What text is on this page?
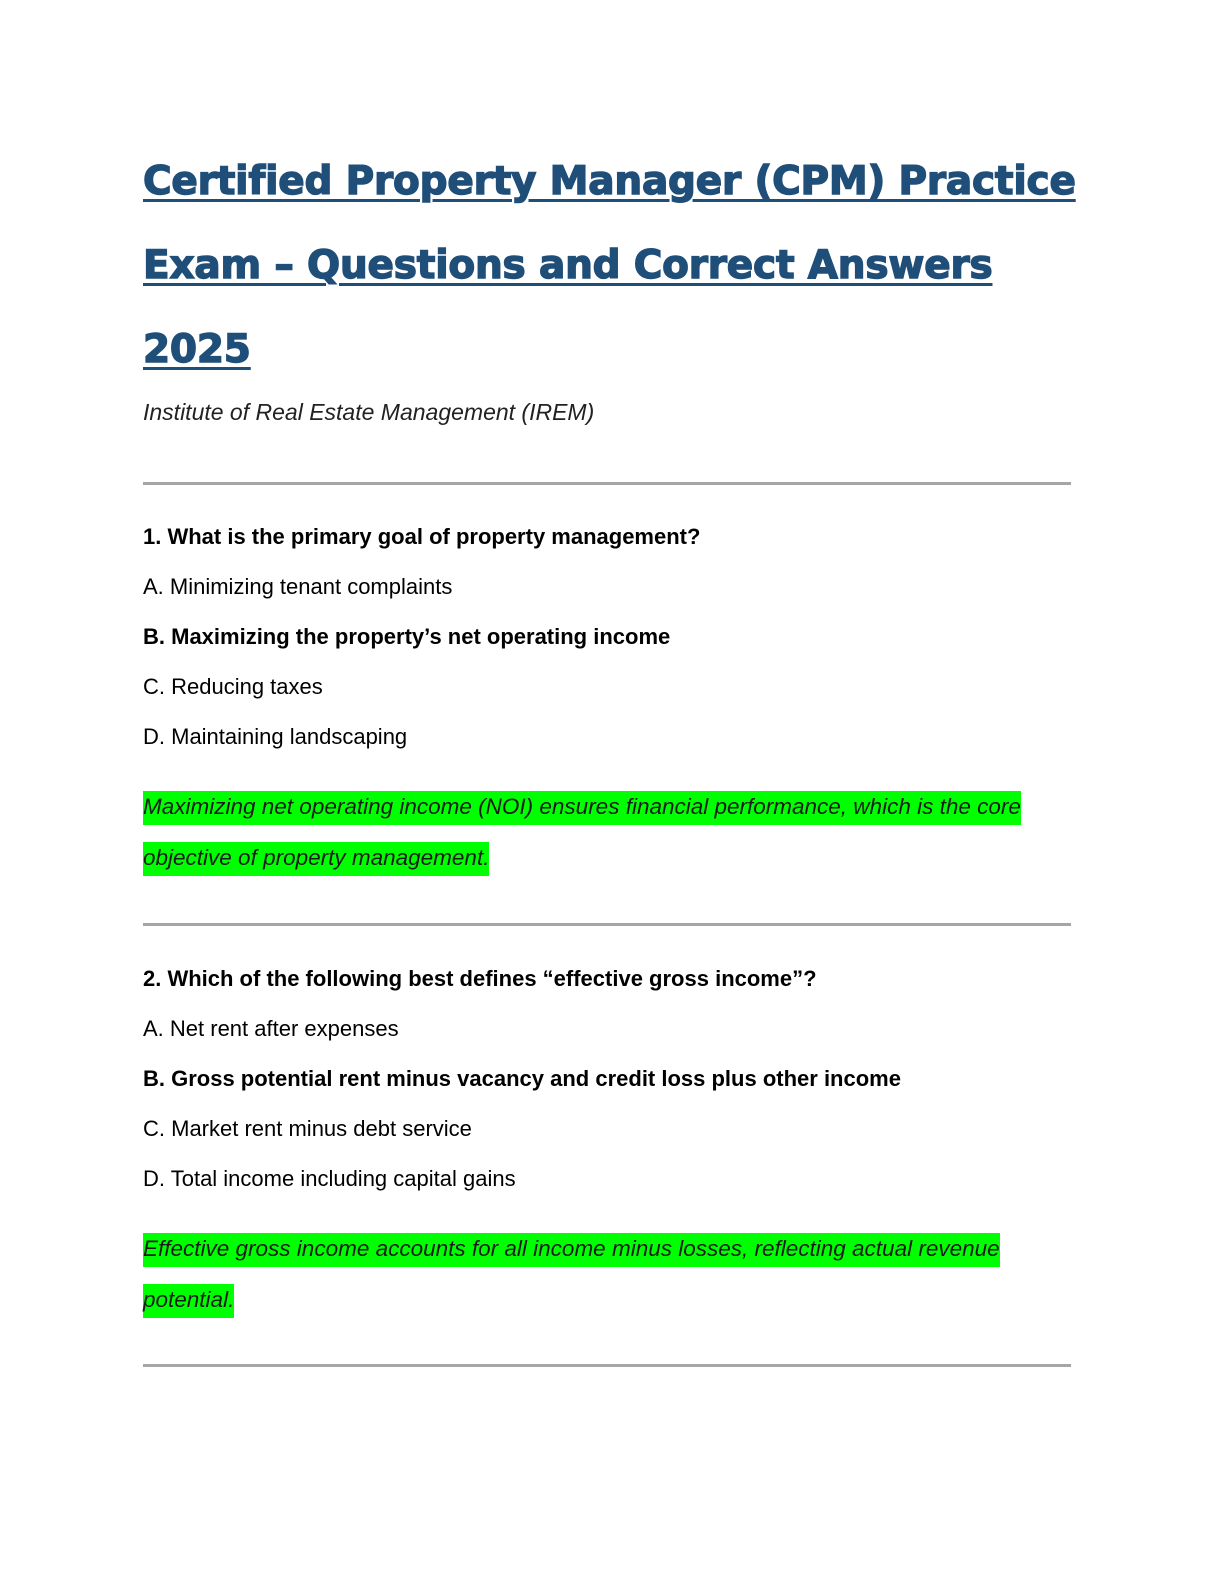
Certified Property Manager (CPM) Practice Exam – Questions and Correct Answers 2025
Institute of Real Estate Management (IREM)

1. What is the primary goal of property management?

A. Minimizing tenant complaints

B. Maximizing the property’s net operating income

C. Reducing taxes

D. Maintaining landscaping

Maximizing net operating income (NOI) ensures financial performance, which is the core objective of property management.

2. Which of the following best defines “effective gross income”?

A. Net rent after expenses

B. Gross potential rent minus vacancy and credit loss plus other income

C. Market rent minus debt service

D. Total income including capital gains

Effective gross income accounts for all income minus losses, reflecting actual revenue potential.
